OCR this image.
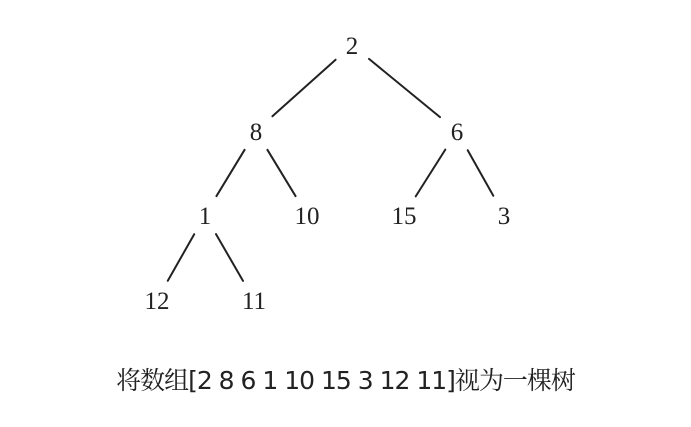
2
8	6
1	10	15	3
12	11
将数组[2 8 6 1 10 15 3 12 11]视为一棵树
